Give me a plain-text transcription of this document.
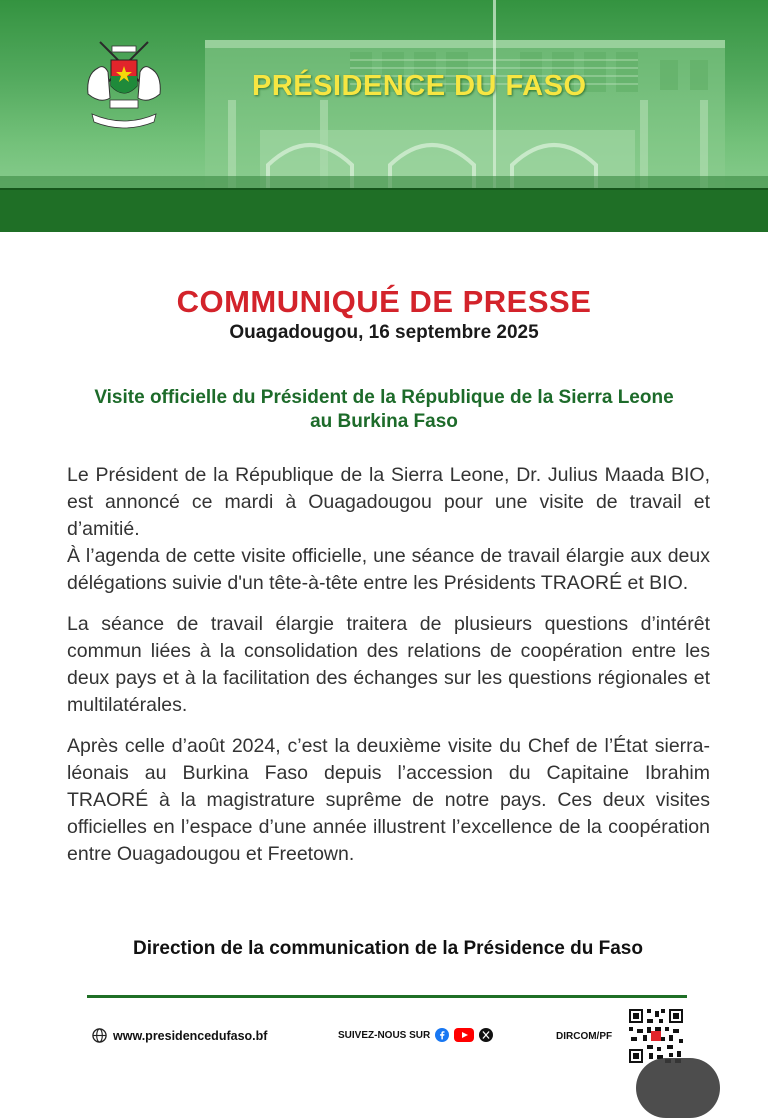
PRÉSIDENCE DU FASO
COMMUNIQUÉ DE PRESSE
Ouagadougou, 16 septembre 2025
Visite officielle du Président de la République de la Sierra Leone
au Burkina Faso

Le Président de la République de la Sierra Leone, Dr. Julius Maada BIO, est annoncé ce mardi à Ouagadougou pour une visite de travail et d’amitié.
À l’agenda de cette visite officielle, une séance de travail élargie aux deux délégations suivie d'un tête-à-tête entre les Présidents TRAORÉ et BIO.

La séance de travail élargie traitera de plusieurs questions d’intérêt commun liées à la consolidation des relations de coopération entre les deux pays et à la facilitation des échanges sur les questions régionales et multilatérales.

Après celle d’août 2024, c’est la deuxième visite du Chef de l’État sierra-léonais au Burkina Faso depuis l’accession du Capitaine Ibrahim TRAORÉ à la magistrature suprême de notre pays. Ces deux visites officielles en l’espace d’une année illustrent l’excellence de la coopération entre Ouagadougou et Freetown.

Direction de la communication de la Présidence du Faso
www.presidencedufaso.bf	SUIVEZ-NOUS SUR	DIRCOM/PF
